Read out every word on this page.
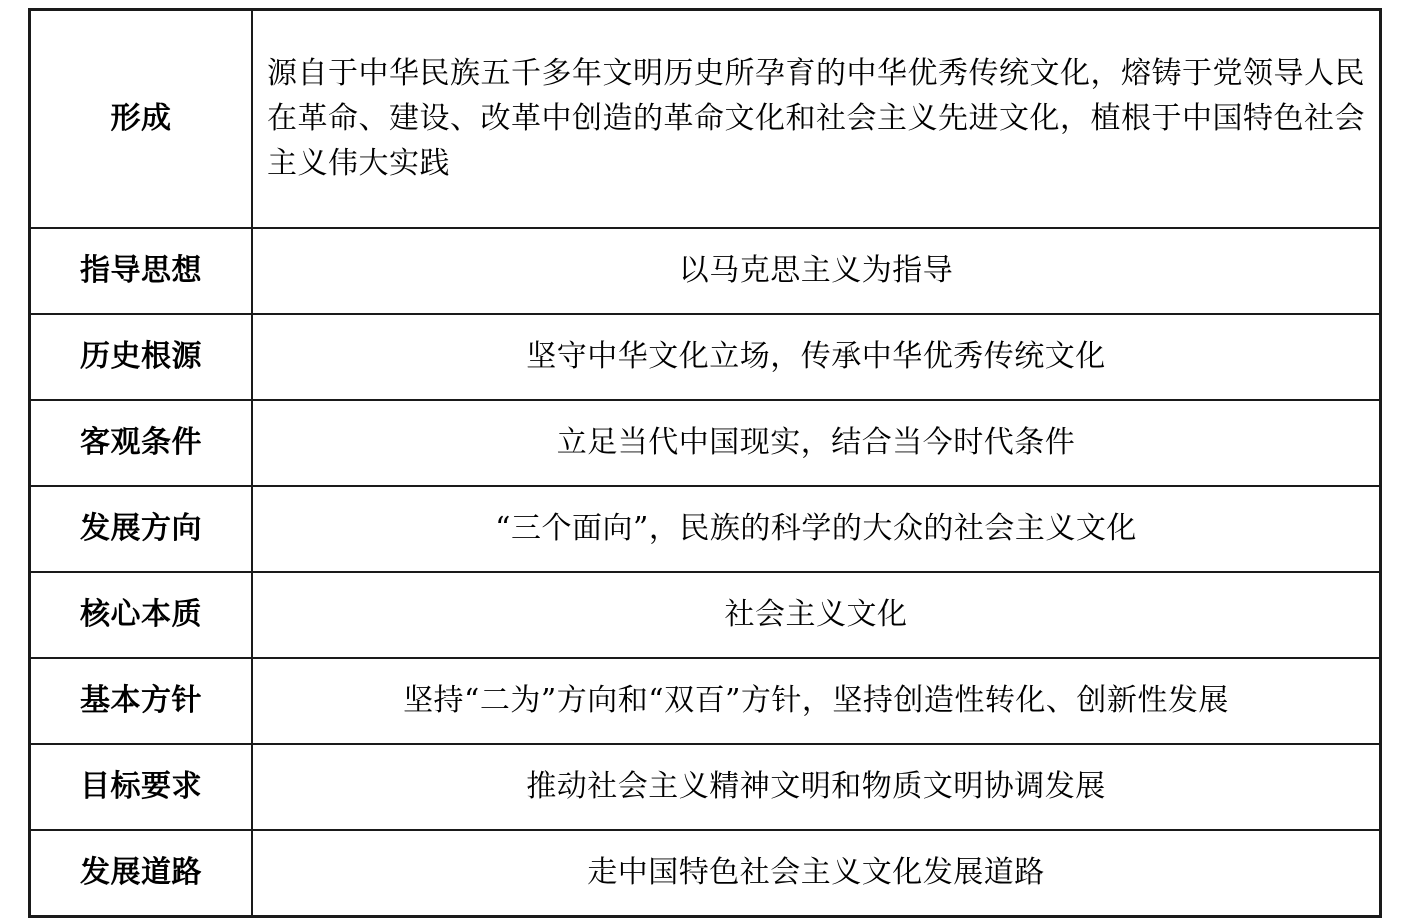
形成	源自于中华民族五千多年文明历史所孕育的中华优秀传统文化，熔铸于党领导人民在革命、建设、改革中创造的革命文化和社会主义先进文化，植根于中国特色社会主义伟大实践
指导思想	以马克思主义为指导
历史根源	坚守中华文化立场，传承中华优秀传统文化
客观条件	立足当代中国现实，结合当今时代条件
发展方向	“三个面向”，民族的科学的大众的社会主义文化
核心本质	社会主义文化
基本方针	坚持“二为”方向和“双百”方针，坚持创造性转化、创新性发展
目标要求	推动社会主义精神文明和物质文明协调发展
发展道路	走中国特色社会主义文化发展道路
